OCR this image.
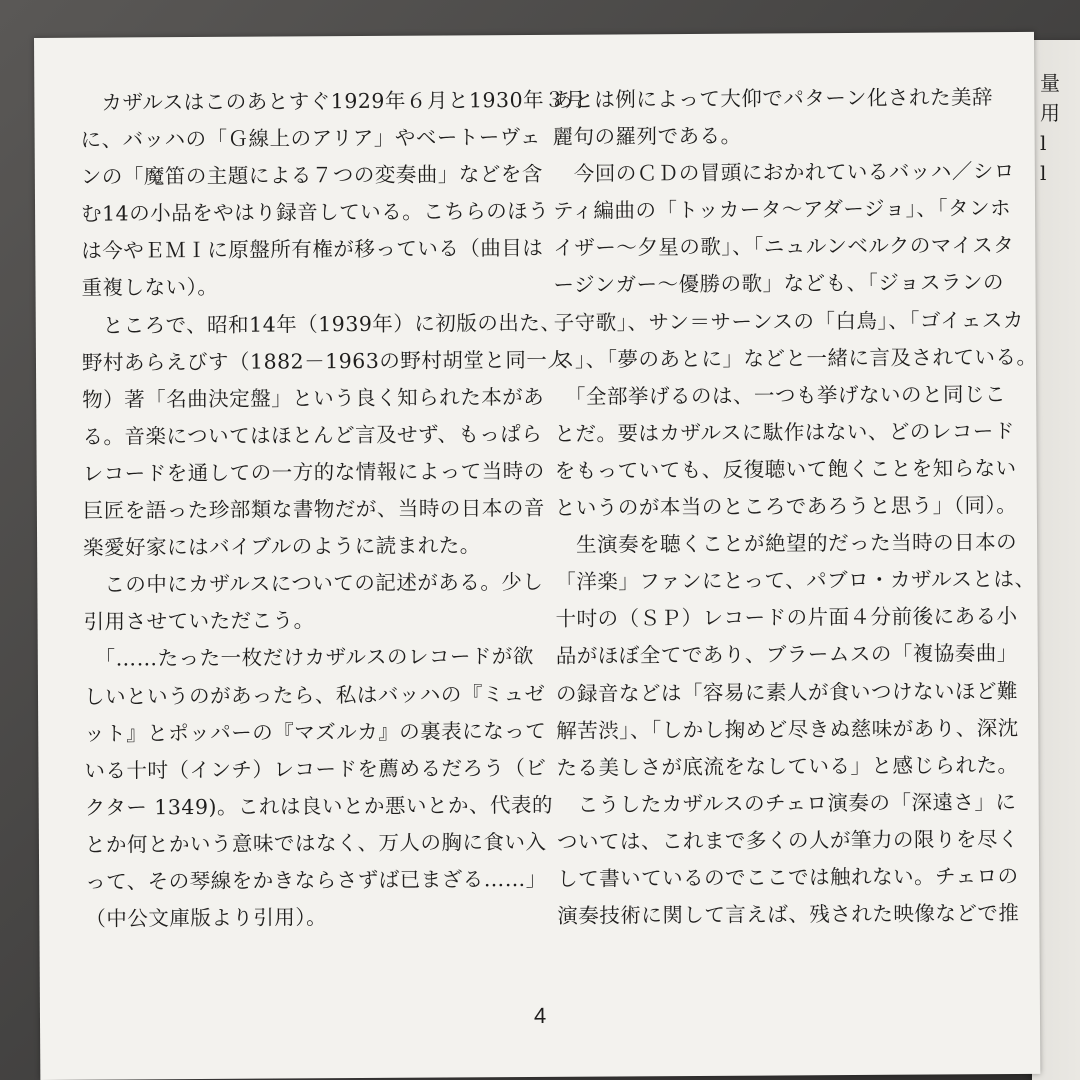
量
用
l
l

　カザルスはこのあとすぐ1929年６月と1930年３月

に、バッハの「Ｇ線上のアリア」やベートーヴェ

ンの「魔笛の主題による７つの変奏曲」などを含

む14の小品をやはり録音している。こちらのほう

は今やＥＭＩに原盤所有権が移っている（曲目は

重複しない）。

　ところで、昭和14年（1939年）に初版の出た、

野村あらえびす（1882－1963の野村胡堂と同一人

物）著「名曲決定盤」という良く知られた本があ

る。音楽についてはほとんど言及せず、もっぱら

レコードを通しての一方的な情報によって当時の

巨匠を語った珍部類な書物だが、当時の日本の音

楽愛好家にはバイブルのように読まれた。

　この中にカザルスについての記述がある。少し

引用させていただこう。

　「……たった一枚だけカザルスのレコードが欲

しいというのがあったら、私はバッハの『ミュゼ

ット』とポッパーの『マズルカ』の裏表になって

いる十吋（インチ）レコードを薦めるだろう（ビ

クター 1349)。これは良いとか悪いとか、代表的

とか何とかいう意味ではなく、万人の胸に食い入

って、その琴線をかきならさずば已まざる……」

（中公文庫版より引用）。

あとは例によって大仰でパターン化された美辞

麗句の羅列である。

　今回のＣＤの冒頭におかれているバッハ／シロ

ティ編曲の「トッカータ～アダージョ」、「タンホ

イザー～夕星の歌」、「ニュルンベルクのマイスタ

ージンガー～優勝の歌」なども、「ジョスランの

子守歌」、サン＝サーンスの「白鳥」、「ゴイェスカ

ス」、「夢のあとに」などと一緒に言及されている。

　「全部挙げるのは、一つも挙げないのと同じこ

とだ。要はカザルスに駄作はない、どのレコード

をもっていても、反復聴いて飽くことを知らない

というのが本当のところであろうと思う」（同）。

　生演奏を聴くことが絶望的だった当時の日本の

「洋楽」ファンにとって、パブロ・カザルスとは、

十吋の（ＳＰ）レコードの片面４分前後にある小

品がほぼ全てであり、ブラームスの「複協奏曲」

の録音などは「容易に素人が食いつけないほど難

解苦渋」、「しかし掬めど尽きぬ慈味があり、深沈

たる美しさが底流をなしている」と感じられた。

　こうしたカザルスのチェロ演奏の「深遠さ」に

ついては、これまで多くの人が筆力の限りを尽く

して書いているのでここでは触れない。チェロの

演奏技術に関して言えば、残された映像などで推

4
